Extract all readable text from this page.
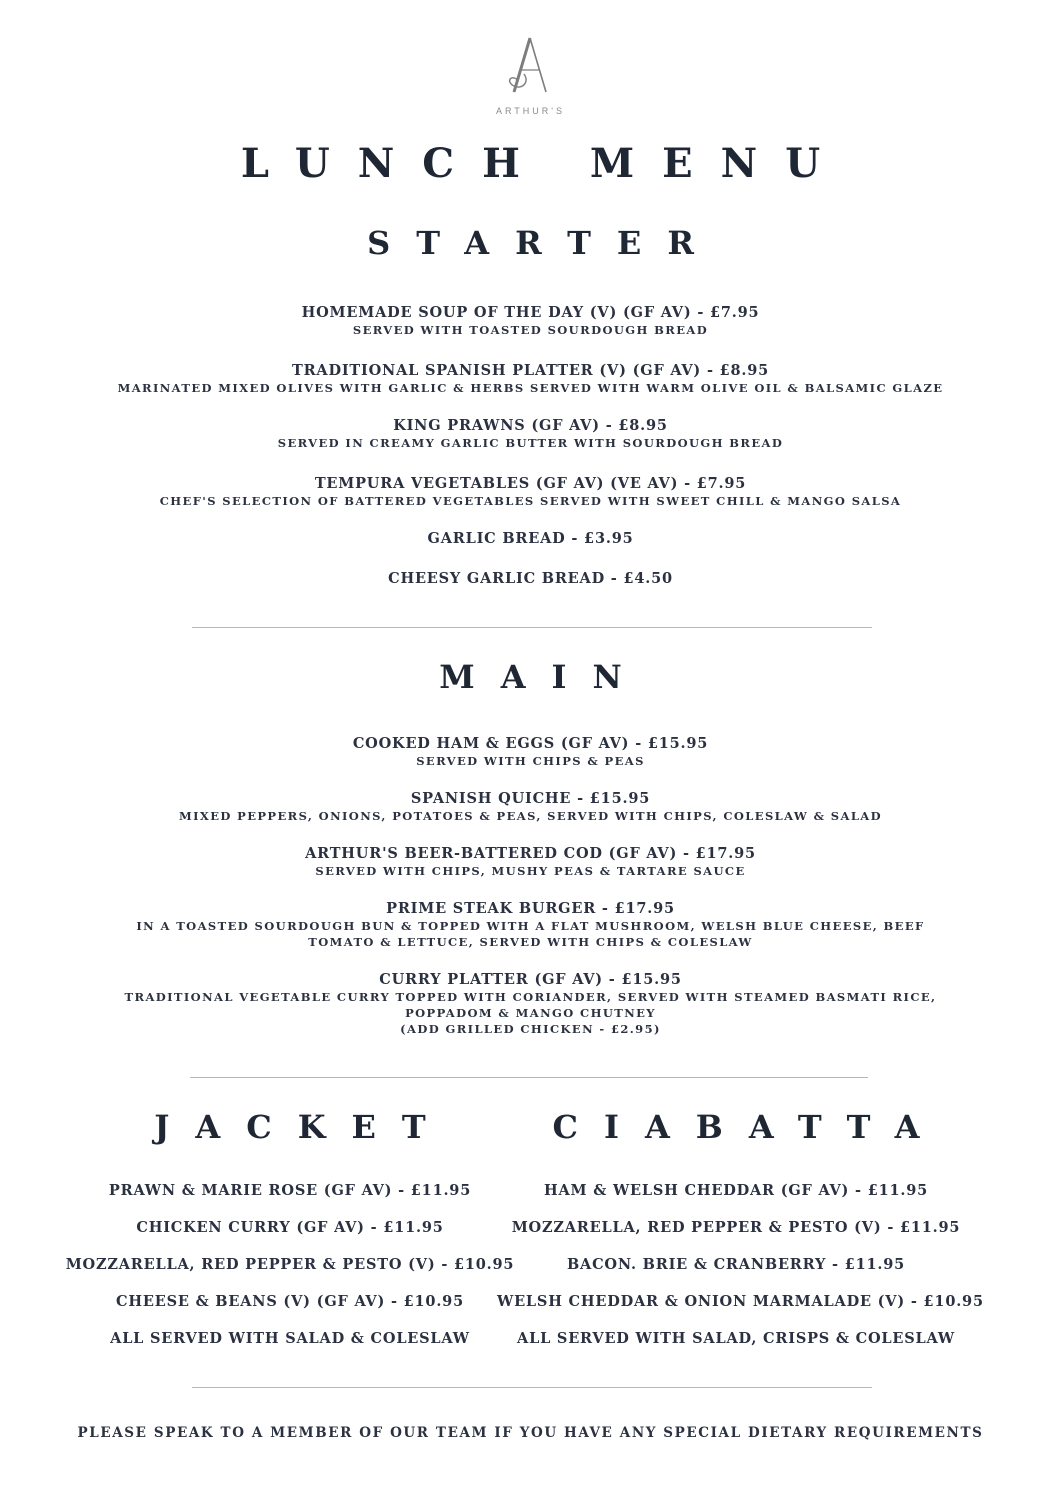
ARTHUR'S
LUNCH MENU
STARTER
HOMEMADE SOUP OF THE DAY (V) (GF AV) - £7.95
SERVED WITH TOASTED SOURDOUGH BREAD
TRADITIONAL SPANISH PLATTER (V) (GF AV) - £8.95
MARINATED MIXED OLIVES WITH GARLIC & HERBS SERVED WITH WARM OLIVE OIL & BALSAMIC GLAZE
KING PRAWNS (GF AV) - £8.95
SERVED IN CREAMY GARLIC BUTTER WITH SOURDOUGH BREAD
TEMPURA VEGETABLES (GF AV) (VE AV) - £7.95
CHEF'S SELECTION OF BATTERED VEGETABLES SERVED WITH SWEET CHILL & MANGO SALSA
GARLIC BREAD - £3.95
CHEESY GARLIC BREAD - £4.50
MAIN
COOKED HAM & EGGS (GF AV) - £15.95
SERVED WITH CHIPS & PEAS
SPANISH QUICHE - £15.95
MIXED PEPPERS, ONIONS, POTATOES & PEAS, SERVED WITH CHIPS, COLESLAW & SALAD
ARTHUR'S BEER-BATTERED COD (GF AV) - £17.95
SERVED WITH CHIPS, MUSHY PEAS & TARTARE SAUCE
PRIME STEAK BURGER - £17.95
IN A TOASTED SOURDOUGH BUN & TOPPED WITH A FLAT MUSHROOM, WELSH BLUE CHEESE, BEEF
TOMATO & LETTUCE, SERVED WITH CHIPS & COLESLAW
CURRY PLATTER (GF AV) - £15.95
TRADITIONAL VEGETABLE CURRY TOPPED WITH CORIANDER, SERVED WITH STEAMED BASMATI RICE,
POPPADOM & MANGO CHUTNEY
(ADD GRILLED CHICKEN - £2.95)
JACKET
PRAWN & MARIE ROSE (GF AV) - £11.95
CHICKEN CURRY (GF AV) - £11.95
MOZZARELLA, RED PEPPER & PESTO (V) - £10.95
CHEESE & BEANS (V) (GF AV) - £10.95
ALL SERVED WITH SALAD & COLESLAW
CIABATTA
HAM & WELSH CHEDDAR (GF AV) - £11.95
MOZZARELLA, RED PEPPER & PESTO (V) - £11.95
BACON. BRIE & CRANBERRY - £11.95
WELSH CHEDDAR & ONION MARMALADE (V) - £10.95
ALL SERVED WITH SALAD, CRISPS & COLESLAW
PLEASE SPEAK TO A MEMBER OF OUR TEAM IF YOU HAVE ANY SPECIAL DIETARY REQUIREMENTS
